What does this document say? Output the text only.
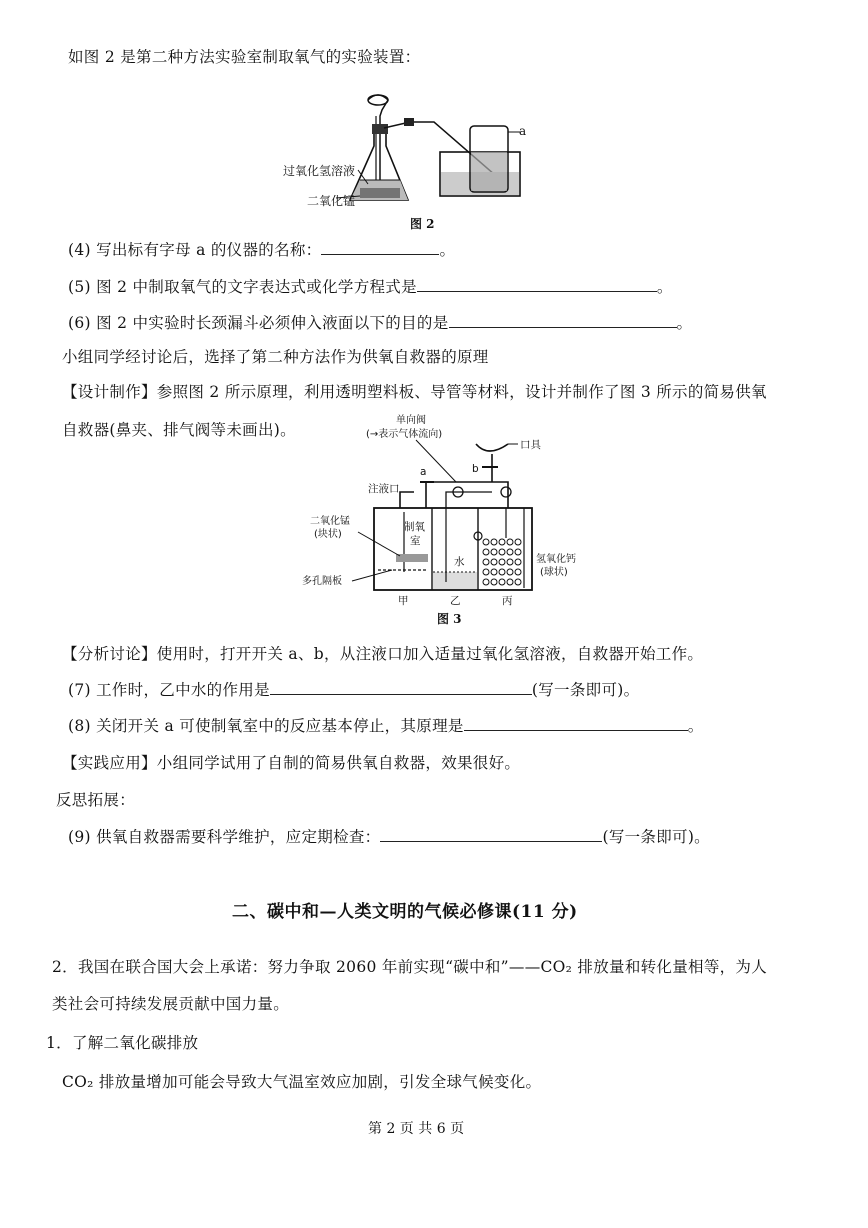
如图 2 是第二种方法实验室制取氧气的实验装置：
a
过氧化氢溶液
二氧化锰
图 2
(4) 写出标有字母 a 的仪器的名称：	。
(5) 图 2 中制取氧气的文字表达式或化学方程式是	。
(6) 图 2 中实验时长颈漏斗必须伸入液面以下的目的是	。
小组同学经讨论后，选择了第二种方法作为供氧自救器的原理
【设计制作】参照图 2 所示原理，利用透明塑料板、导管等材料，设计并制作了图 3 所示的简易供氧
自救器(鼻夹、排气阀等未画出)。
单向阀
(→表示气体流向)
口具
b
a
注液口
制氧
室
水	氢氧化钙
(球状)
二氧化锰
(块状)
多孔隔板
甲	乙	丙
图 3
【分析讨论】使用时，打开开关 a、b，从注液口加入适量过氧化氢溶液，自救器开始工作。
(7) 工作时，乙中水的作用是	(写一条即可)。
(8) 关闭开关 a 可使制氧室中的反应基本停止，其原理是	。
【实践应用】小组同学试用了自制的简易供氧自救器，效果很好。
反思拓展：
(9) 供氧自救器需要科学维护，应定期检查：	(写一条即可)。
二、碳中和—人类文明的气候必修课(11 分)
2．我国在联合国大会上承诺：努力争取 2060 年前实现“碳中和”——CO₂ 排放量和转化量相等，为人
类社会可持续发展贡献中国力量。
1．了解二氧化碳排放
CO₂ 排放量增加可能会导致大气温室效应加剧，引发全球气候变化。
第 2 页 共 6 页
